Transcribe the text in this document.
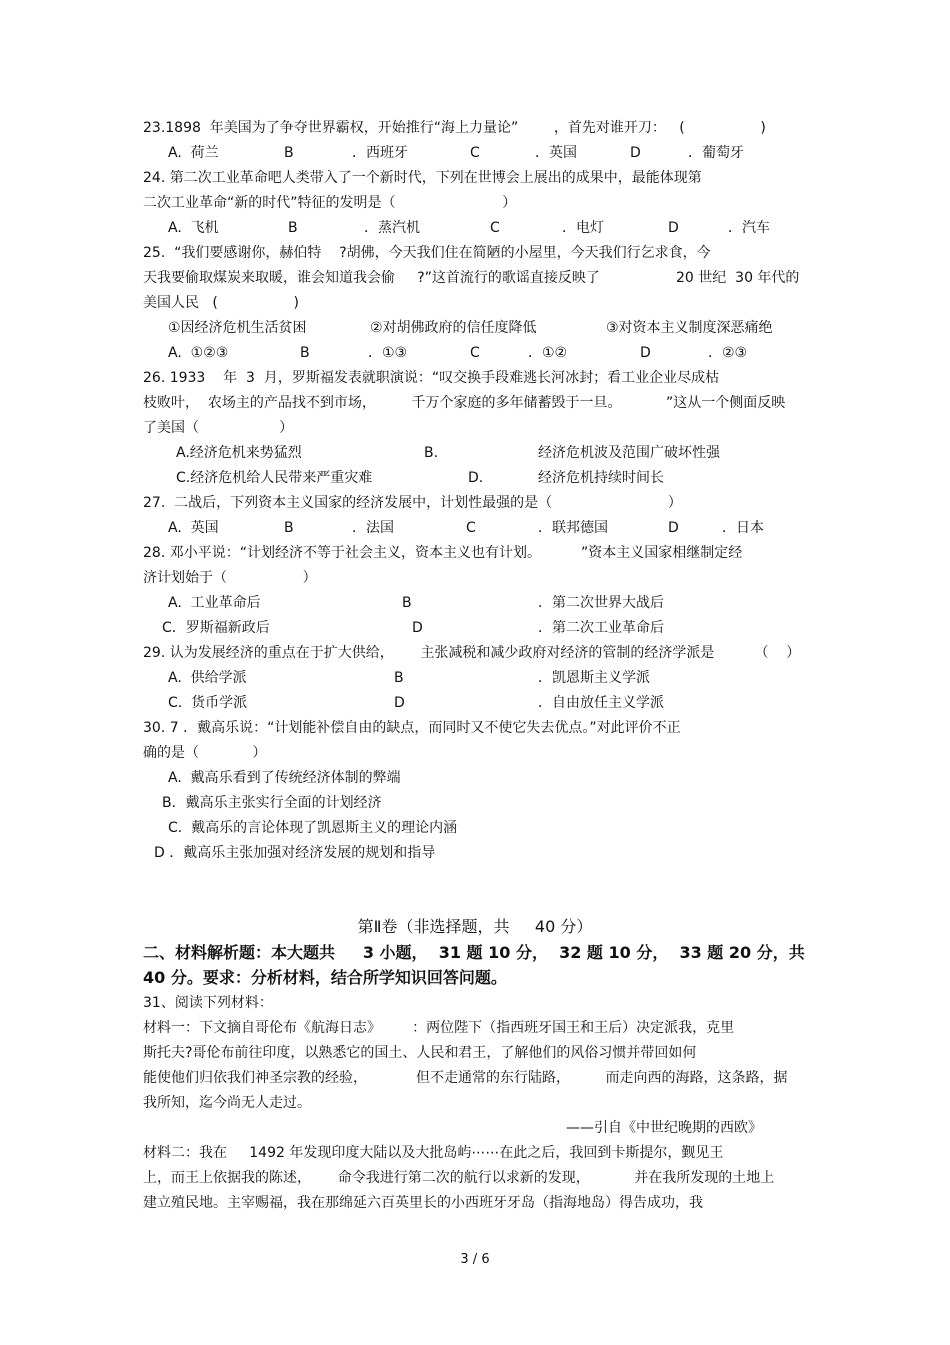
23.1898  年美国为了争夺世界霸权，开始推行“海上力量论”        ，首先对谁开刀：   (                 )
A.  荷兰	B	．西班牙	C	．英国	D	．葡萄牙
24. 第二次工业革命吧人类带入了一个新时代，下列在世博会上展出的成果中，最能体现第
二次工业革命“新的时代”特征的发明是（                        ）
A.  飞机	B	．蒸汽机	C	．电灯	D	．汽车
25.  “我们要感谢你，赫伯特    ?胡佛，今天我们住在简陋的小屋里，今天我们行乞求食，今
天我要偷取煤炭来取暖，谁会知道我会偷     ?”这首流行的歌谣直接反映了	20 世纪  30 年代的
美国人民   (                 )
①因经济危机生活贫困	②对胡佛政府的信任度降低	③对资本主义制度深恶痛绝
A.  ①②③	B	．①③	C	．①②	D	．②③
26. 1933    年  3  月，罗斯福发表就职演说：“叹交换手段难逃长河冰封；看工业企业尽成枯
枝败叶，  农场主的产品找不到市场，        千万个家庭的多年储蓄毁于一旦。          ”这从一个侧面反映
了美国（                  ）
A.经济危机来势猛烈	B.	经济危机波及范围广破坏性强
C.经济危机给人民带来严重灾难	D.	经济危机持续时间长
27.  二战后，下列资本主义国家的经济发展中，计划性最强的是（                          ）
A.  英国	B	．法国	C	．联邦德国	D	．日本
28. 邓小平说：“计划经济不等于社会主义，资本主义也有计划。         ”资本主义国家相继制定经
济计划始于（                 ）
A.  工业革命后	B	．第二次世界大战后
C．罗斯福新政后	D	．第二次工业革命后
29. 认为发展经济的重点在于扩大供给，      主张减税和减少政府对经济的管制的经济学派是         （    ）
A.  供给学派	B	．凯恩斯主义学派
C.  货币学派	D	．自由放任主义学派
30. 7 ．戴高乐说：“计划能补偿自由的缺点，而同时又不使它失去优点。”对此评价不正
确的是（            ）
A.  戴高乐看到了传统经济体制的弊端
B．戴高乐主张实行全面的计划经济
C.  戴高乐的言论体现了凯恩斯主义的理论内涵
D ．戴高乐主张加强对经济发展的规划和指导
第Ⅱ卷（非选择题，共     40 分）
二、材料解析题：本大题共     3 小题，  31 题 10 分，  32 题 10 分，  33 题 20 分，共
40 分。要求：分析材料，结合所学知识回答问题。
31、阅读下列材料：
材料一：下文摘自哥伦布《航海日志》       ：两位陛下（指西班牙国王和王后）决定派我，克里
斯托夫?哥伦布前往印度，以熟悉它的国土、人民和君王，了解他们的风俗习惯并带回如何
能使他们归依我们神圣宗教的经验，           但不走通常的东行陆路，        而走向西的海路，这条路，据
我所知，迄今尚无人走过。
——引自《中世纪晚期的西欧》
材料二：我在     1492 年发现印度大陆以及大批岛屿⋯⋯在此之后，我回到卡斯提尔，觐见王
上，而王上依据我的陈述，      命令我进行第二次的航行以求新的发现，          并在我所发现的土地上
建立殖民地。主宰赐福，我在那绵延六百英里长的小西班牙牙岛（指海地岛）得告成功，我
3 / 6
